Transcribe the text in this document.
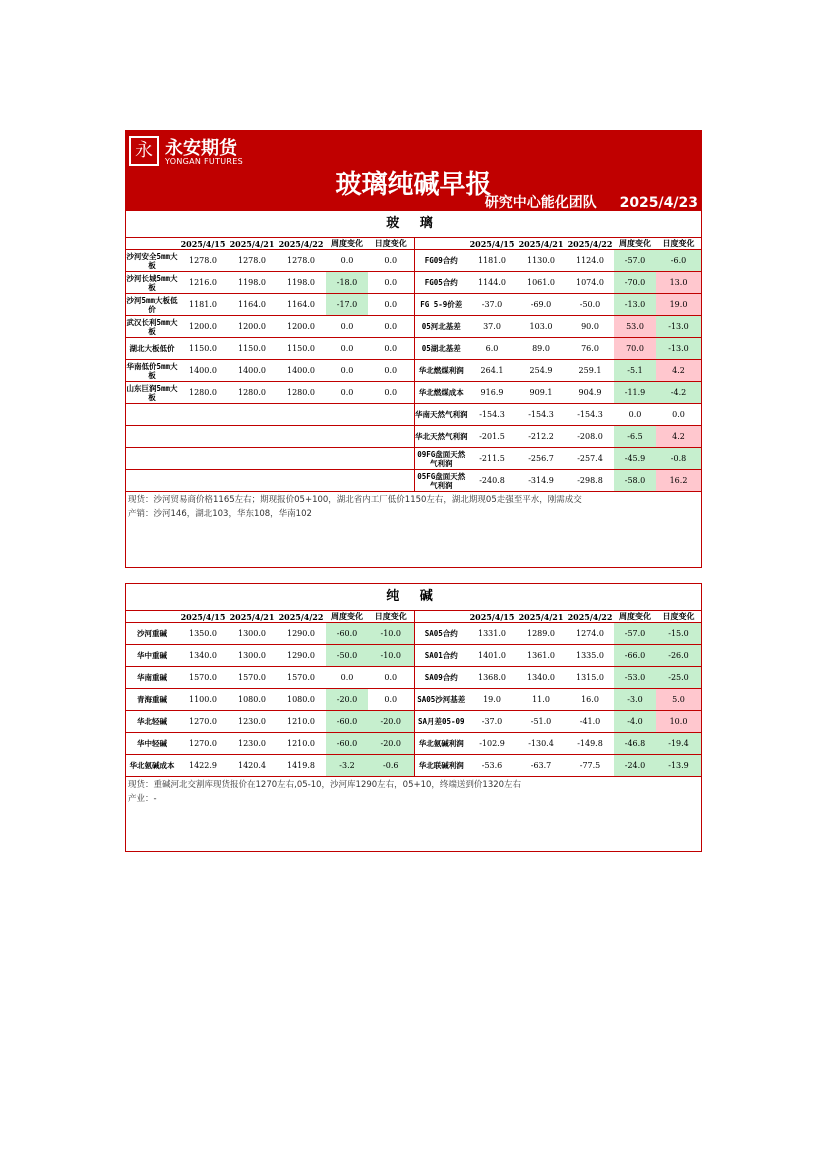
永 永安期货
YONGAN FUTURES
玻璃纯碱早报
研究中心能化团队 2025/4/23
玻 璃
	2025/4/15	2025/4/21	2025/4/22	周度变化	日度变化		2025/4/15	2025/4/21	2025/4/22	周度变化	日度变化
沙河安全5mm大板	1278.0	1278.0	1278.0	0.0	0.0	FG09合约	1181.0	1130.0	1124.0	-57.0	-6.0
沙河长城5mm大板	1216.0	1198.0	1198.0	-18.0	0.0	FG05合约	1144.0	1061.0	1074.0	-70.0	13.0
沙河5mm大板低价	1181.0	1164.0	1164.0	-17.0	0.0	FG 5-9价差	-37.0	-69.0	-50.0	-13.0	19.0
武汉长利5mm大板	1200.0	1200.0	1200.0	0.0	0.0	05河北基差	37.0	103.0	90.0	53.0	-13.0
湖北大板低价	1150.0	1150.0	1150.0	0.0	0.0	05湖北基差	6.0	89.0	76.0	70.0	-13.0
华南低价5mm大板	1400.0	1400.0	1400.0	0.0	0.0	华北燃煤利润	264.1	254.9	259.1	-5.1	4.2
山东巨润5mm大板	1280.0	1280.0	1280.0	0.0	0.0	华北燃煤成本	916.9	909.1	904.9	-11.9	-4.2
						华南天然气利润	-154.3	-154.3	-154.3	0.0	0.0
						华北天然气利润	-201.5	-212.2	-208.0	-6.5	4.2
						09FG盘面天然气利润	-211.5	-256.7	-257.4	-45.9	-0.8
						05FG盘面天然气利润	-240.8	-314.9	-298.8	-58.0	16.2
现货：沙河贸易商价格1165左右；期现报价05+100，湖北省内工厂低价1150左右，湖北期现05走强至平水，刚需成交
产销：沙河146，湖北103，华东108，华南102
纯 碱
	2025/4/15	2025/4/21	2025/4/22	周度变化	日度变化		2025/4/15	2025/4/21	2025/4/22	周度变化	日度变化
沙河重碱	1350.0	1300.0	1290.0	-60.0	-10.0	SA05合约	1331.0	1289.0	1274.0	-57.0	-15.0
华中重碱	1340.0	1300.0	1290.0	-50.0	-10.0	SA01合约	1401.0	1361.0	1335.0	-66.0	-26.0
华南重碱	1570.0	1570.0	1570.0	0.0	0.0	SA09合约	1368.0	1340.0	1315.0	-53.0	-25.0
青海重碱	1100.0	1080.0	1080.0	-20.0	0.0	SA05沙河基差	19.0	11.0	16.0	-3.0	5.0
华北轻碱	1270.0	1230.0	1210.0	-60.0	-20.0	SA月差05-09	-37.0	-51.0	-41.0	-4.0	10.0
华中轻碱	1270.0	1230.0	1210.0	-60.0	-20.0	华北氨碱利润	-102.9	-130.4	-149.8	-46.8	-19.4
华北氨碱成本	1422.9	1420.4	1419.8	-3.2	-0.6	华北联碱利润	-53.6	-63.7	-77.5	-24.0	-13.9
现货：重碱河北交割库现货报价在1270左右,05-10，沙河库1290左右，05+10，终端送到价1320左右
产业：-
